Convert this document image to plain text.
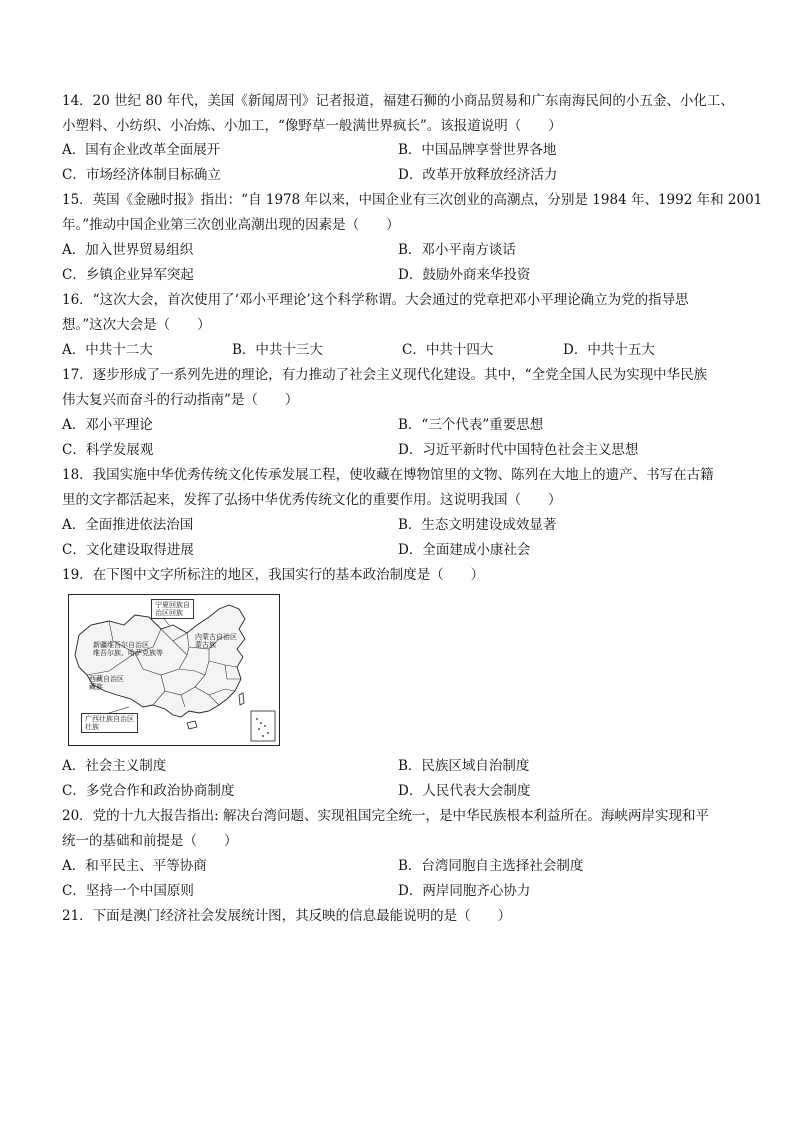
14．20 世纪 80 年代，美国《新闻周刊》记者报道，福建石狮的小商品贸易和广东南海民间的小五金、小化工、
小塑料、小纺织、小冶炼、小加工，“像野草一般满世界疯长”。该报道说明（　　）
A．国有企业改革全面展开	B．中国品牌享誉世界各地
C．市场经济体制目标确立	D．改革开放释放经济活力
15．英国《金融时报》指出：“自 1978 年以来，中国企业有三次创业的高潮点，分别是 1984 年、1992 年和 2001
年。”推动中国企业第三次创业高潮出现的因素是（　　）
A．加入世界贸易组织	B．邓小平南方谈话
C．乡镇企业异军突起	D．鼓励外商来华投资
16．“这次大会，首次使用了‘邓小平理论’这个科学称谓。大会通过的党章把邓小平理论确立为党的指导思
想。”这次大会是（　　）
A．中共十二大	B．中共十三大	C．中共十四大	D．中共十五大
17．逐步形成了一系列先进的理论，有力推动了社会主义现代化建设。其中，“全党全国人民为实现中华民族
伟大复兴而奋斗的行动指南”是（　　）
A．邓小平理论	B．“三个代表”重要思想
C．科学发展观	D．习近平新时代中国特色社会主义思想
18．我国实施中华优秀传统文化传承发展工程，使收藏在博物馆里的文物、陈列在大地上的遗产、书写在古籍
里的文字都活起来，发挥了弘扬中华优秀传统文化的重要作用。这说明我国（　　）
A．全面推进依法治国	B．生态文明建设成效显著
C．文化建设取得进展	D．全面建成小康社会
19．在下图中文字所标注的地区，我国实行的基本政治制度是（　　）
宁夏回族自
治区回族
新疆维吾尔自治区
维吾尔族、哈萨克族等
内蒙古自治区
蒙古族
西藏自治区
藏族
广西壮族自治区
壮族
A．社会主义制度	B．民族区域自治制度
C．多党合作和政治协商制度	D．人民代表大会制度
20．党的十九大报告指出: 解决台湾问题、实现祖国完全统一，是中华民族根本利益所在。海峡两岸实现和平
统一的基础和前提是（　　）
A．和平民主、平等协商	B．台湾同胞自主选择社会制度
C．坚持一个中国原则	D．两岸同胞齐心协力
21．下面是澳门经济社会发展统计图，其反映的信息最能说明的是（　　）
